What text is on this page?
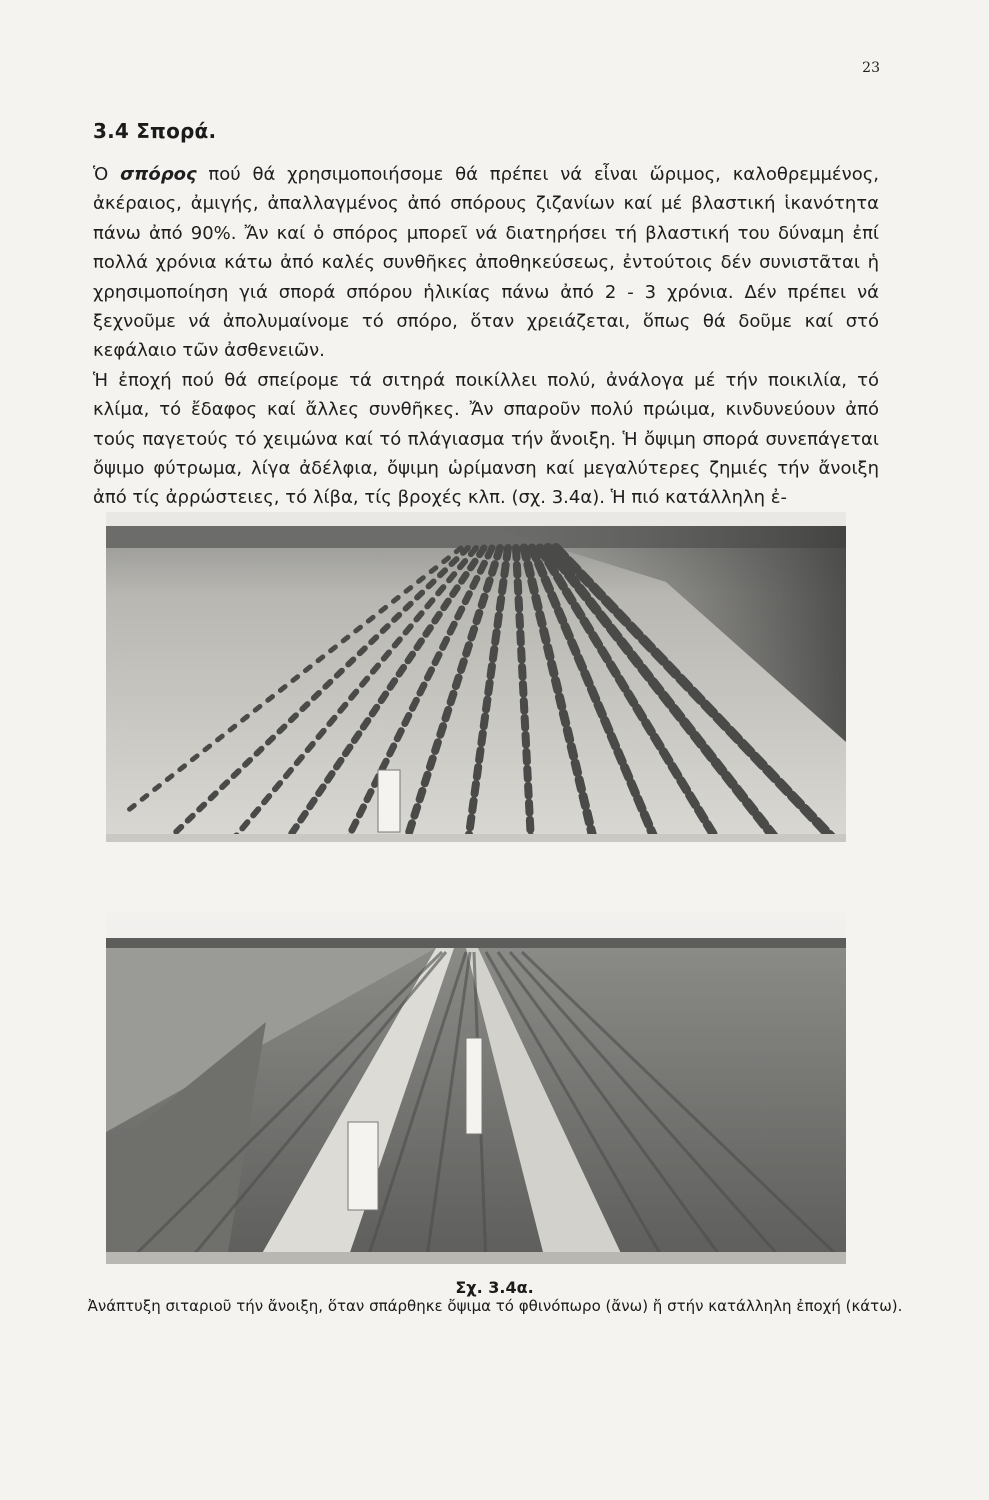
23
3.4 Σπορά.

Ὁ σπόρος πού θά χρησιμοποιήσομε θά πρέπει νά εἶναι ὥριμος, καλοθρεμμένος, ἀκέραιος, ἀμιγής, ἀπαλλαγμένος ἀπό σπόρους ζιζανίων καί μέ βλαστική ἱκανότητα πάνω ἀπό 90%. Ἄν καί ὁ σπόρος μπορεῖ νά διατηρήσει τή βλαστική του δύναμη ἐπί πολλά χρόνια κάτω ἀπό καλές συνθῆκες ἀποθηκεύσεως, ἐντούτοις δέν συνιστᾶται ἡ χρησιμοποίηση γιά σπορά σπόρου ἡλικίας πάνω ἀπό 2 - 3 χρόνια. Δέν πρέπει νά ξεχνοῦμε νά ἀπολυμαίνομε τό σπόρο, ὅταν χρειάζεται, ὅπως θά δοῦμε καί στό κεφάλαιο τῶν ἀσθενειῶν.

Ἡ ἐποχή πού θά σπείρομε τά σιτηρά ποικίλλει πολύ, ἀνάλογα μέ τήν ποικιλία, τό κλίμα, τό ἔδαφος καί ἄλλες συνθῆκες. Ἄν σπαροῦν πολύ πρώιμα, κινδυνεύουν ἀπό τούς παγετούς τό χειμώνα καί τό πλάγιασμα τήν ἄνοιξη. Ἡ ὄψιμη σπορά συνεπάγεται ὄψιμο φύτρωμα, λίγα ἀδέλφια, ὄψιμη ὡρίμανση καί μεγαλύτερες ζημιές τήν ἄνοιξη ἀπό τίς ἀρρώστειες, τό λίβα, τίς βροχές κλπ. (σχ. 3.4α). Ἡ πιό κατάλληλη ἐ-

Σχ. 3.4α.
Ἀνάπτυξη σιταριοῦ τήν ἄνοιξη, ὅταν σπάρθηκε ὄψιμα τό φθινόπωρο (ἄνω) ἤ στήν κατάλληλη ἐποχή (κάτω).
